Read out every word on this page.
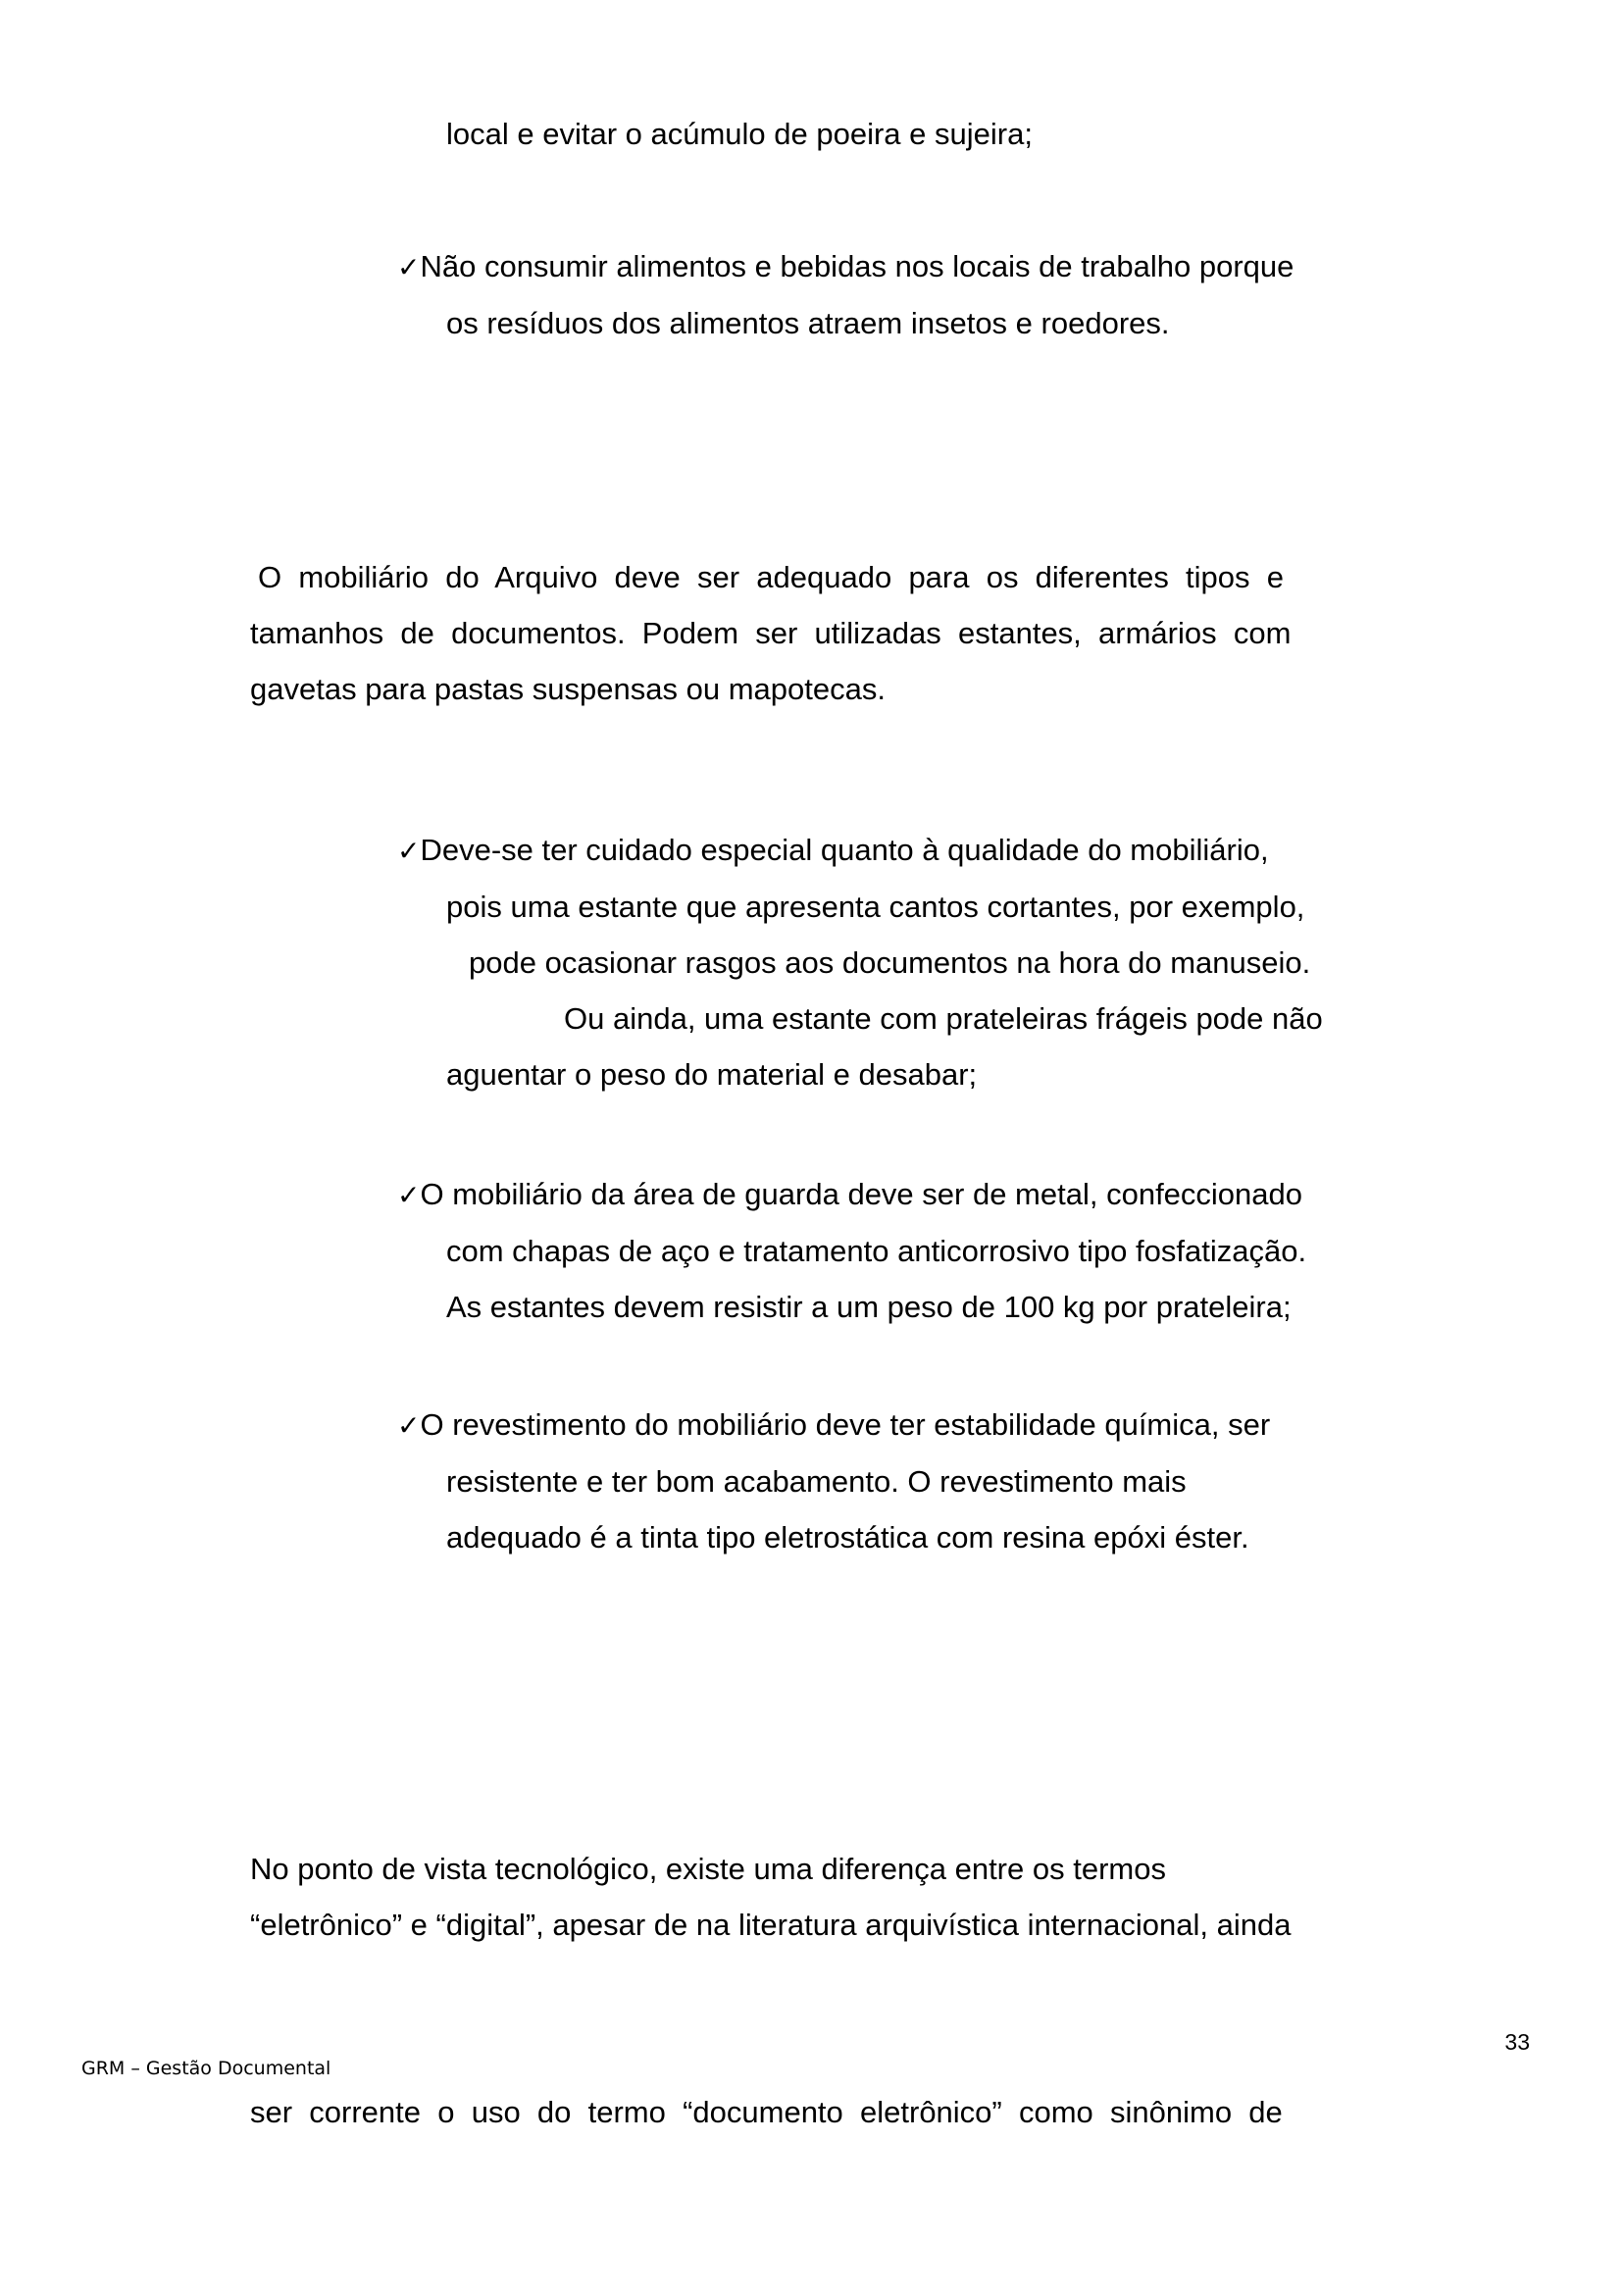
local e evitar o acúmulo de poeira e sujeira;
✓Não consumir alimentos e bebidas nos locais de trabalho porque
os resíduos dos alimentos atraem insetos e roedores.
O  mobiliário  do  Arquivo  deve  ser  adequado  para  os  diferentes  tipos  e
tamanhos  de  documentos.  Podem  ser  utilizadas  estantes,  armários  com
gavetas para pastas suspensas ou mapotecas.
✓Deve-se ter cuidado especial quanto à qualidade do mobiliário,
pois uma estante que apresenta cantos cortantes, por exemplo,
pode ocasionar rasgos aos documentos na hora do manuseio.
Ou ainda, uma estante com prateleiras frágeis pode não
aguentar o peso do material e desabar;
✓O mobiliário da área de guarda deve ser de metal, confeccionado
com chapas de aço e tratamento anticorrosivo tipo fosfatização.
As estantes devem resistir a um peso de 100 kg por prateleira;
✓O revestimento do mobiliário deve ter estabilidade química, ser
resistente e ter bom acabamento. O revestimento mais
adequado é a tinta tipo eletrostática com resina epóxi éster.
No ponto de vista tecnológico, existe uma diferença entre os termos
“eletrônico” e “digital”, apesar de na literatura arquivística internacional, ainda
33
GRM – Gestão Documental
ser  corrente  o  uso  do  termo  “documento  eletrônico”  como  sinônimo  de
